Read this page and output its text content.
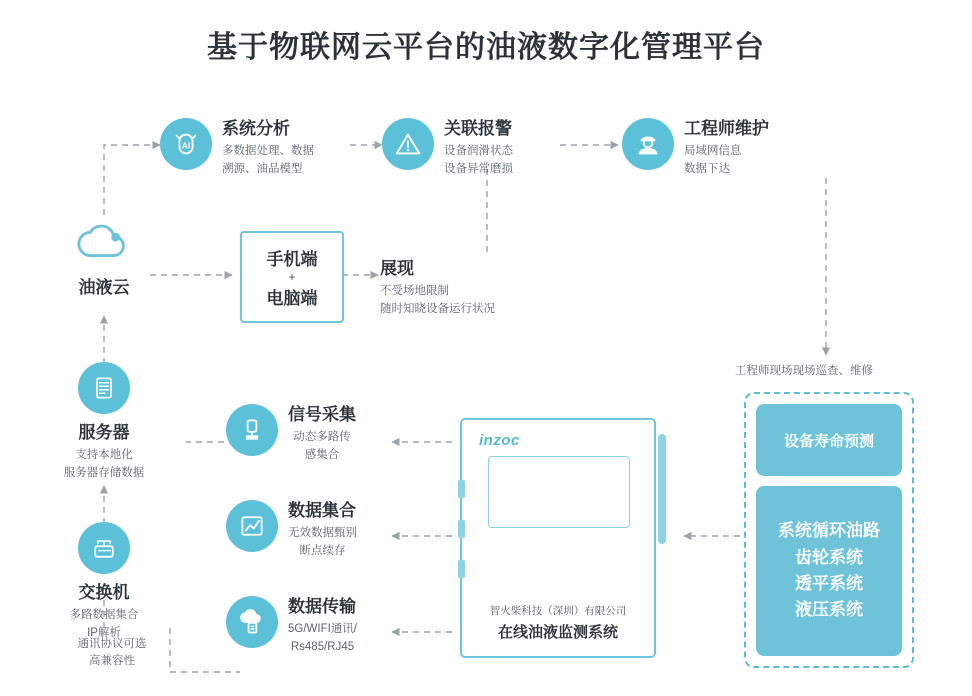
基于物联网云平台的油液数字化管理平台
AI
系统分析
多数据处理、数据
溯源、油品模型
关联报警
设备润滑状态
设备异常磨损
工程师维护
局域网信息
数据下达
油液云
手机端
+
电脑端
展现
不受场地限制
随时知晓设备运行状况
服务器
支持本地化
服务器存储数据
交换机
多路数据集合
IP解析
通讯协议可选
高兼容性
信号采集
动态多路传
感集合
数据集合
无效数据甄别
断点续存
数据传输
5G/WIFI通讯/
Rs485/RJ45
inzoc
智火柴科技（深圳）有限公司
在线油液监测系统
工程师现场现场巡查、维修
设备寿命预测
系统循环油路
齿轮系统
透平系统
液压系统
